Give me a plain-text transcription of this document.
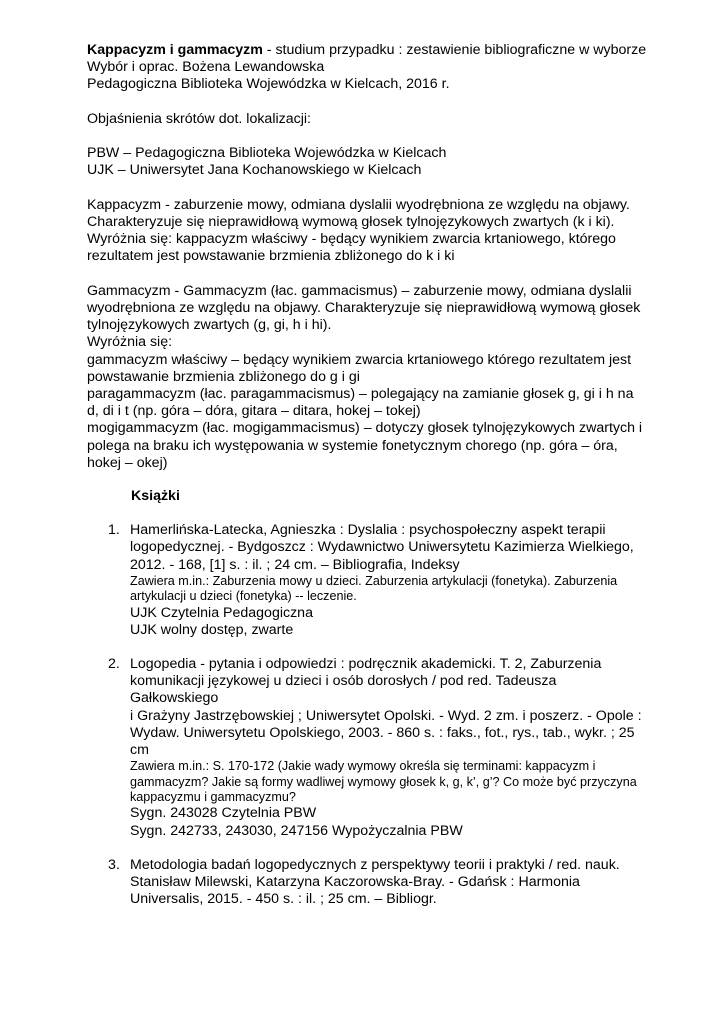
Kappacyzm i gammacyzm - studium przypadku : zestawienie bibliograficzne w wyborze

Wybór i oprac. Bożena Lewandowska

Pedagogiczna Biblioteka Wojewódzka w Kielcach, 2016 r.

Objaśnienia skrótów dot. lokalizacji:

PBW – Pedagogiczna Biblioteka Wojewódzka w Kielcach

UJK – Uniwersytet Jana Kochanowskiego w Kielcach

Kappacyzm - zaburzenie mowy, odmiana dyslalii wyodrębniona ze względu na objawy. Charakteryzuje się nieprawidłową wymową głosek tylnojęzykowych zwartych (k i ki). Wyróżnia się: kappacyzm właściwy - będący wynikiem zwarcia krtaniowego, którego rezultatem jest powstawanie brzmienia zbliżonego do k i ki

Gammacyzm - Gammacyzm (łac. gammacismus) – zaburzenie mowy, odmiana dyslalii wyodrębniona ze względu na objawy. Charakteryzuje się nieprawidłową wymową głosek tylnojęzykowych zwartych (g, gi, h i hi).

Wyróżnia się:

gammacyzm właściwy – będący wynikiem zwarcia krtaniowego którego rezultatem jest powstawanie brzmienia zbliżonego do g i gi

paragammacyzm (łac. paragammacismus) – polegający na zamianie głosek g, gi i h na d, di i t (np. góra – dóra, gitara – ditara, hokej – tokej)

mogigammacyzm (łac. mogigammacismus) – dotyczy głosek tylnojęzykowych zwartych i polega na braku ich występowania w systemie fonetycznym chorego (np. góra – óra, hokej – okej)

Książki

1. Hamerlińska-Latecka, Agnieszka : Dyslalia : psychospołeczny aspekt terapii logopedycznej. - Bydgoszcz : Wydawnictwo Uniwersytetu Kazimierza Wielkiego, 2012. - 168, [1] s. : il. ; 24 cm. – Bibliografia, Indeksy

Zawiera m.in.: Zaburzenia mowy u dzieci. Zaburzenia artykulacji (fonetyka). Zaburzenia artykulacji u dzieci (fonetyka) -- leczenie.

UJK Czytelnia Pedagogiczna

UJK wolny dostęp, zwarte

2. Logopedia - pytania i odpowiedzi : podręcznik akademicki. T. 2, Zaburzenia komunikacji językowej u dzieci i osób dorosłych / pod red. Tadeusza Gałkowskiego

i Grażyny Jastrzębowskiej ; Uniwersytet Opolski. - Wyd. 2 zm. i poszerz. - Opole : Wydaw. Uniwersytetu Opolskiego, 2003. - 860 s. : faks., fot., rys., tab., wykr. ; 25 cm

Zawiera m.in.: S. 170-172 (Jakie wady wymowy określa się terminami: kappacyzm i gammacyzm? Jakie są formy wadliwej wymowy głosek k, g, k’, g’? Co może być przyczyna kappacyzmu i gammacyzmu?

Sygn. 243028 Czytelnia PBW

Sygn. 242733, 243030, 247156 Wypożyczalnia PBW

3. Metodologia badań logopedycznych z perspektywy teorii i praktyki / red. nauk. Stanisław Milewski, Katarzyna Kaczorowska-Bray. - Gdańsk : Harmonia Universalis, 2015. - 450 s. : il. ; 25 cm. – Bibliogr.
